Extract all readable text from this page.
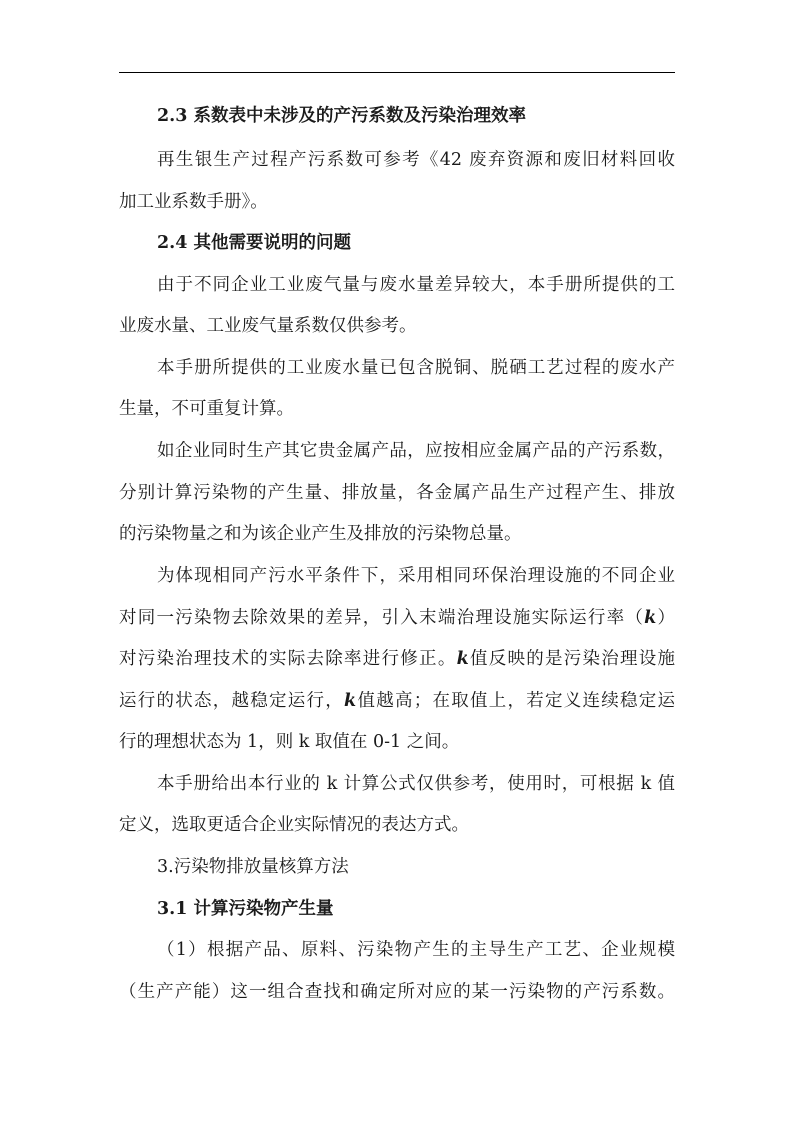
2.3 系数表中未涉及的产污系数及污染治理效率
再生银生产过程产污系数可参考《42 废弃资源和废旧材料回收
加工业系数手册》。
2.4 其他需要说明的问题
由于不同企业工业废气量与废水量差异较大，本手册所提供的工
业废水量、工业废气量系数仅供参考。
本手册所提供的工业废水量已包含脱铜、脱硒工艺过程的废水产
生量，不可重复计算。
如企业同时生产其它贵金属产品，应按相应金属产品的产污系数，
分别计算污染物的产生量、排放量，各金属产品生产过程产生、排放
的污染物量之和为该企业产生及排放的污染物总量。
为体现相同产污水平条件下，采用相同环保治理设施的不同企业
对同一污染物去除效果的差异，引入末端治理设施实际运行率（k）
对污染治理技术的实际去除率进行修正。k值反映的是污染治理设施
运行的状态，越稳定运行，k值越高；在取值上，若定义连续稳定运
行的理想状态为 1，则 k 取值在 0-1 之间。
本手册给出本行业的 k 计算公式仅供参考，使用时，可根据 k 值
定义，选取更适合企业实际情况的表达方式。
3.污染物排放量核算方法
3.1 计算污染物产生量
（1）根据产品、原料、污染物产生的主导生产工艺、企业规模
（生产产能）这一组合查找和确定所对应的某一污染物的产污系数。
